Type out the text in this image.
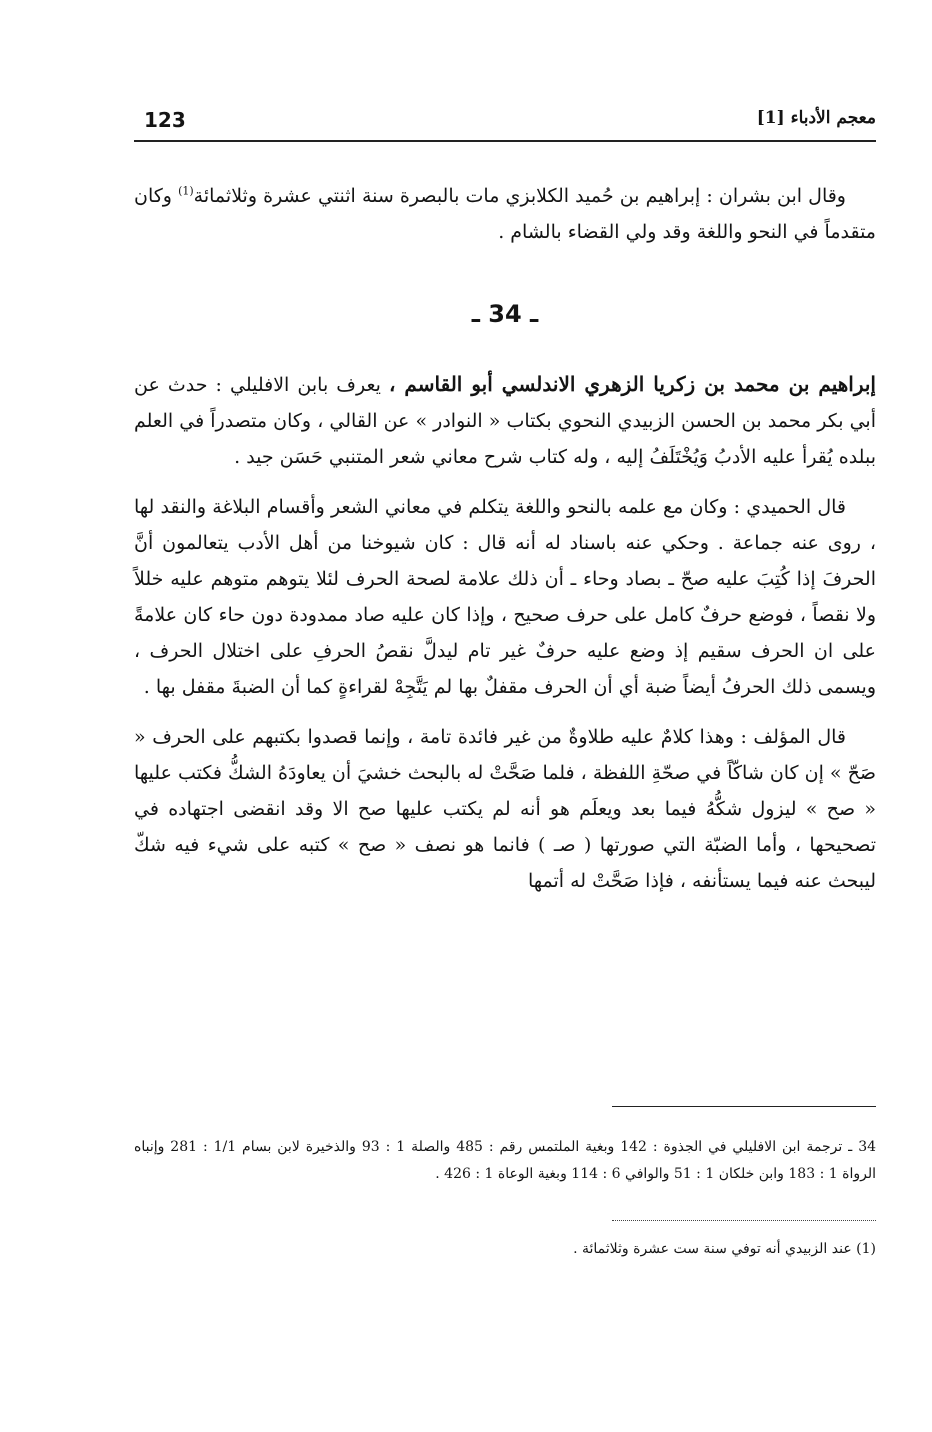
123	معجم الأدباء [1]

وقال ابن بشران : إبراهيم بن حُميد الكلابزي مات بالبصرة سنة اثنتي عشرة وثلاثمائة$^{(1)}$ وكان متقدماً في النحو واللغة وقد ولي القضاء بالشام .

ـ 34 ـ

إبراهيم بن محمد بن زكريا الزهري الاندلسي أبو القاسم ، يعرف بابن الافليلي : حدث عن أبي بكر محمد بن الحسن الزبيدي النحوي بكتاب « النوادر » عن القالي ، وكان متصدراً في العلم ببلده يُقرأ عليه الأدبُ وَيُخْتَلَفُ إليه ، وله كتاب شرح معاني شعر المتنبي حَسَن جيد .

قال الحميدي : وكان مع علمه بالنحو واللغة يتكلم في معاني الشعر وأقسام البلاغة والنقد لها ، روى عنه جماعة . وحكي عنه باسناد له أنه قال : كان شيوخنا من أهل الأدب يتعالمون أنَّ الحرفَ إذا كُتِبَ عليه صحّ ـ بصاد وحاء ـ أن ذلك علامة لصحة الحرف لئلا يتوهم متوهم عليه خللاً ولا نقصاً ، فوضع حرفٌ كامل على حرف صحيح ، وإذا كان عليه صاد ممدودة دون حاء كان علامةً على ان الحرف سقيم إذ وضع عليه حرفٌ غير تام ليدلَّ نقصُ الحرفِ على اختلال الحرف ، ويسمى ذلك الحرفُ أيضاً ضبة أي أن الحرف مقفلٌ بها لم يَتَّجِهْ لقراءةٍ كما أن الضبةَ مقفل بها .

قال المؤلف : وهذا كلامٌ عليه طلاوةٌ من غير فائدة تامة ، وإنما قصدوا بكتبهم على الحرف « صَحّ » إن كان شاكّاً في صحّةِ اللفظة ، فلما صَحَّتْ له بالبحث خشيَ أن يعاودَهُ الشكُّ فكتب عليها « صح » ليزول شكُّهُ فيما بعد ويعلَم هو أنه لم يكتب عليها صح الا وقد انقضى اجتهاده في تصحيحها ، وأما الضبّة التي صورتها ( صـ ) فانما هو نصف « صح » كتبه على شيء فيه شكّ ليبحث عنه فيما يستأنفه ، فإذا صَحَّتْ له أتمها

34 ـ ترجمة ابن الافليلي في الجذوة : 142 وبغية الملتمس رقم : 485 والصلة 1 : 93 والذخيرة لابن بسام 1/1 : 281 وإنباه الرواة 1 : 183 وابن خلكان 1 : 51 والوافي 6 : 114 وبغية الوعاة 1 : 426 .
(1) عند الزبيدي أنه توفي سنة ست عشرة وثلاثمائة .
